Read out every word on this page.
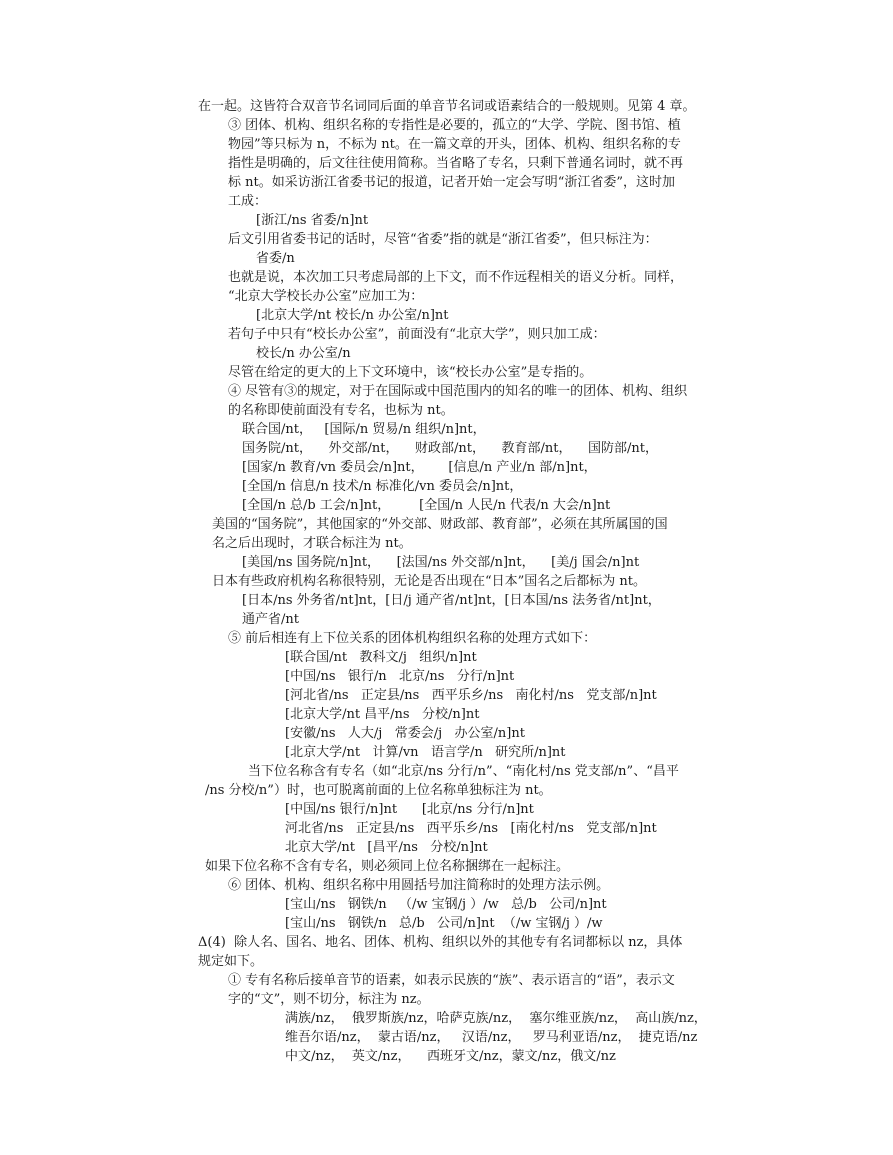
在一起。这皆符合双音节名词同后面的单音节名词或语素结合的一般规则。见第 4 章。
③ 团体、机构、组织名称的专指性是必要的，孤立的“大学、学院、图书馆、植
物园”等只标为 n，不标为 nt。在一篇文章的开头，团体、机构、组织名称的专
指性是明确的，后文往往使用简称。当省略了专名，只剩下普通名词时，就不再
标 nt。如采访浙江省委书记的报道，记者开始一定会写明“浙江省委”，这时加
工成：
[浙江/ns 省委/n]nt
后文引用省委书记的话时，尽管“省委”指的就是“浙江省委”，但只标注为：
省委/n
也就是说，本次加工只考虑局部的上下文，而不作远程相关的语义分析。同样，
“北京大学校长办公室”应加工为：
[北京大学/nt 校长/n 办公室/n]nt
若句子中只有“校长办公室”，前面没有“北京大学”，则只加工成：
校长/n 办公室/n
尽管在给定的更大的上下文环境中，该“校长办公室”是专指的。
④ 尽管有③的规定，对于在国际或中国范围内的知名的唯一的团体、机构、组织
的名称即使前面没有专名，也标为 nt。
联合国/nt，   [国际/n 贸易/n 组织/n]nt，
国务院/nt，    外交部/nt，    财政部/nt，    教育部/nt，    国防部/nt，
[国家/n 教育/vn 委员会/n]nt，      [信息/n 产业/n 部/n]nt，
[全国/n 信息/n 技术/n 标准化/vn 委员会/n]nt，
[全国/n 总/b 工会/n]nt，       [全国/n 人民/n 代表/n 大会/n]nt
美国的“国务院”，其他国家的“外交部、财政部、教育部”，必须在其所属国的国
名之后出现时，才联合标注为 nt。
[美国/ns 国务院/n]nt，    [法国/ns 外交部/n]nt，    [美/j 国会/n]nt
日本有些政府机构名称很特别，无论是否出现在“日本”国名之后都标为 nt。
[日本/ns 外务省/nt]nt，[日/j 通产省/nt]nt，[日本国/ns 法务省/nt]nt，
通产省/nt
⑤ 前后相连有上下位关系的团体机构组织名称的处理方式如下：
[联合国/nt   教科文/j   组织/n]nt
[中国/ns   银行/n   北京/ns   分行/n]nt
[河北省/ns   正定县/ns   西平乐乡/ns   南化村/ns   党支部/n]nt
[北京大学/nt 昌平/ns   分校/n]nt
[安徽/ns   人大/j   常委会/j   办公室/n]nt
[北京大学/nt   计算/vn   语言学/n   研究所/n]nt
当下位名称含有专名（如“北京/ns 分行/n”、“南化村/ns 党支部/n”、“昌平
/ns 分校/n”）时，也可脱离前面的上位名称单独标注为 nt。
[中国/ns 银行/n]nt      [北京/ns 分行/n]nt
河北省/ns   正定县/ns   西平乐乡/ns   [南化村/ns   党支部/n]nt
北京大学/nt   [昌平/ns   分校/n]nt
如果下位名称不含有专名，则必须同上位名称捆绑在一起标注。
⑥ 团体、机构、组织名称中用圆括号加注简称时的处理方法示例。
[宝山/ns   钢铁/n   （/w 宝钢/j ）/w   总/b   公司/n]nt
[宝山/ns   钢铁/n   总/b   公司/n]nt  （/w 宝钢/j ）/w
Δ(4)  除人名、国名、地名、团体、机构、组织以外的其他专有名词都标以 nz，具体
规定如下。
① 专有名称后接单音节的语素，如表示民族的“族”、表示语言的“语”，表示文
字的“文”，则不切分，标注为 nz。
满族/nz，  俄罗斯族/nz，哈萨克族/nz，  塞尔维亚族/nz，  高山族/nz，
维吾尔语/nz，  蒙古语/nz，   汉语/nz，   罗马利亚语/nz，  捷克语/nz
中文/nz，  英文/nz，    西班牙文/nz，蒙文/nz，俄文/nz
